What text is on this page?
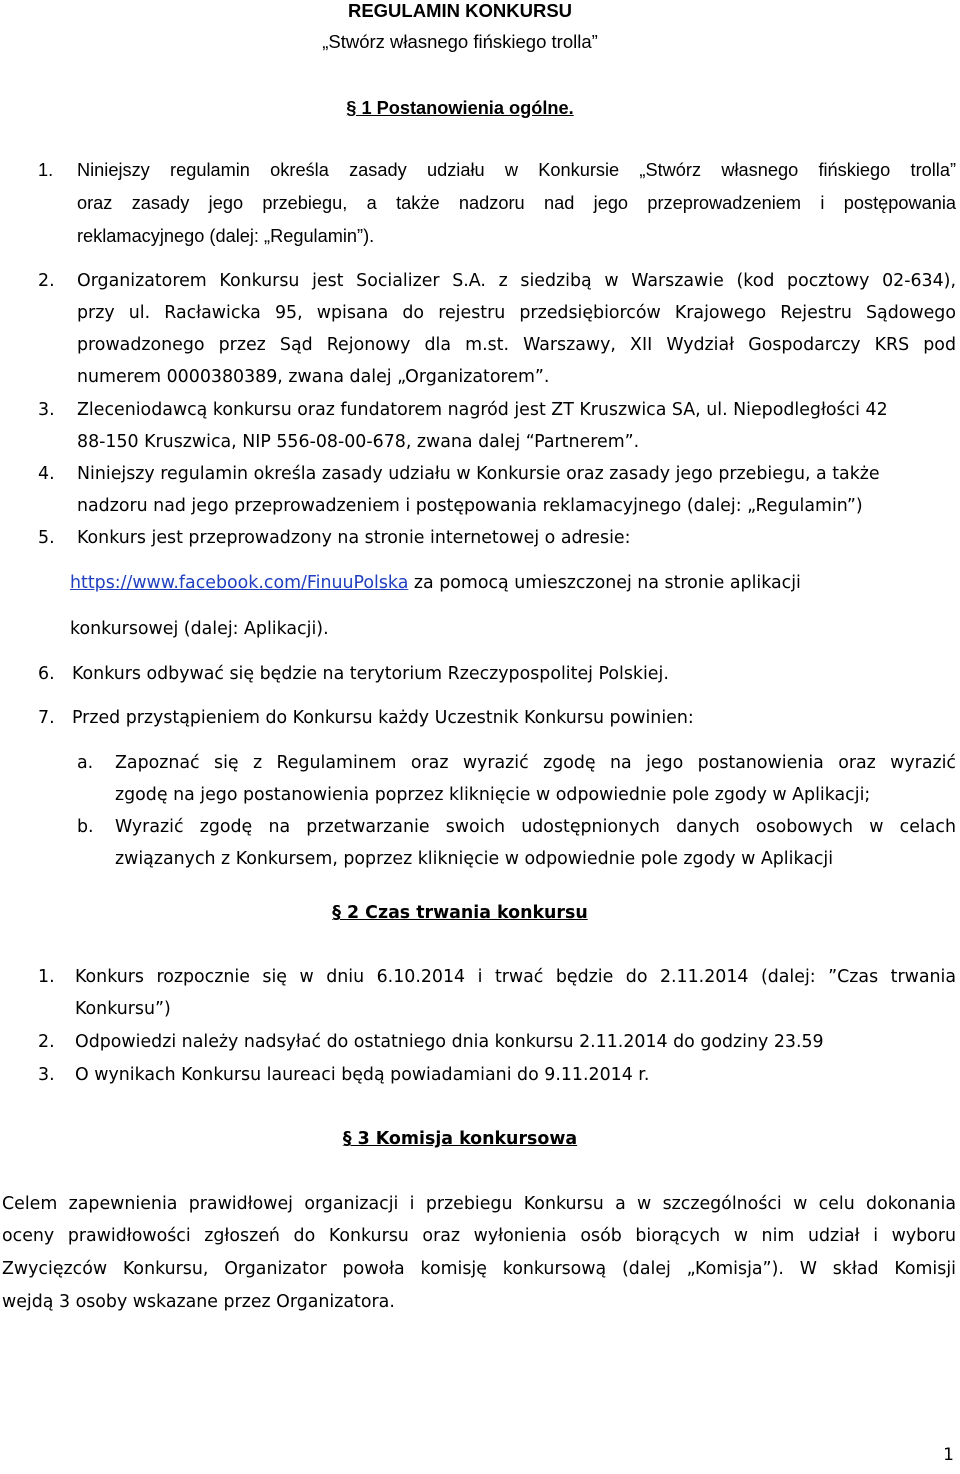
REGULAMIN KONKURSU
„Stwórz własnego fińskiego trolla”
§ 1 Postanowienia ogólne.
1. Niniejszy regulamin określa zasady udziału w Konkursie „Stwórz własnego fińskiego trolla”
oraz zasady jego przebiegu, a także nadzoru nad jego przeprowadzeniem i postępowania
reklamacyjnego (dalej: „Regulamin”).
2. Organizatorem Konkursu jest Socializer S.A. z siedzibą w Warszawie (kod pocztowy 02-634),
przy ul. Racławicka 95, wpisana do rejestru przedsiębiorców Krajowego Rejestru Sądowego
prowadzonego przez Sąd Rejonowy dla m.st. Warszawy, XII Wydział Gospodarczy KRS pod
numerem 0000380389, zwana dalej „Organizatorem”.
3. Zleceniodawcą konkursu oraz fundatorem nagród jest ZT Kruszwica SA, ul. Niepodległości 42
88-150 Kruszwica, NIP 556-08-00-678, zwana dalej “Partnerem”.
4. Niniejszy regulamin określa zasady udziału w Konkursie oraz zasady jego przebiegu, a także
nadzoru nad jego przeprowadzeniem i postępowania reklamacyjnego (dalej: „Regulamin”)
5. Konkurs jest przeprowadzony na stronie internetowej o adresie:
https://www.facebook.com/FinuuPolska za pomocą umieszczonej na stronie aplikacji
konkursowej (dalej: Aplikacji).
6. Konkurs odbywać się będzie na terytorium Rzeczypospolitej Polskiej.
7. Przed przystąpieniem do Konkursu każdy Uczestnik Konkursu powinien:
a. Zapoznać się z Regulaminem oraz wyrazić zgodę na jego postanowienia oraz wyrazić
zgodę na jego postanowienia poprzez kliknięcie w odpowiednie pole zgody w Aplikacji;
b. Wyrazić zgodę na przetwarzanie swoich udostępnionych danych osobowych w celach
związanych z Konkursem, poprzez kliknięcie w odpowiednie pole zgody w Aplikacji
§ 2 Czas trwania konkursu
1. Konkurs rozpocznie się w dniu 6.10.2014 i trwać będzie do 2.11.2014 (dalej: ”Czas trwania
Konkursu”)
2. Odpowiedzi należy nadsyłać do ostatniego dnia konkursu 2.11.2014 do godziny 23.59
3. O wynikach Konkursu laureaci będą powiadamiani do 9.11.2014 r.
§ 3 Komisja konkursowa
Celem zapewnienia prawidłowej organizacji i przebiegu Konkursu a w szczególności w celu dokonania
oceny prawidłowości zgłoszeń do Konkursu oraz wyłonienia osób biorących w nim udział i wyboru
Zwycięzców Konkursu, Organizator powoła komisję konkursową (dalej „Komisja”). W skład Komisji
wejdą 3 osoby wskazane przez Organizatora.
1
